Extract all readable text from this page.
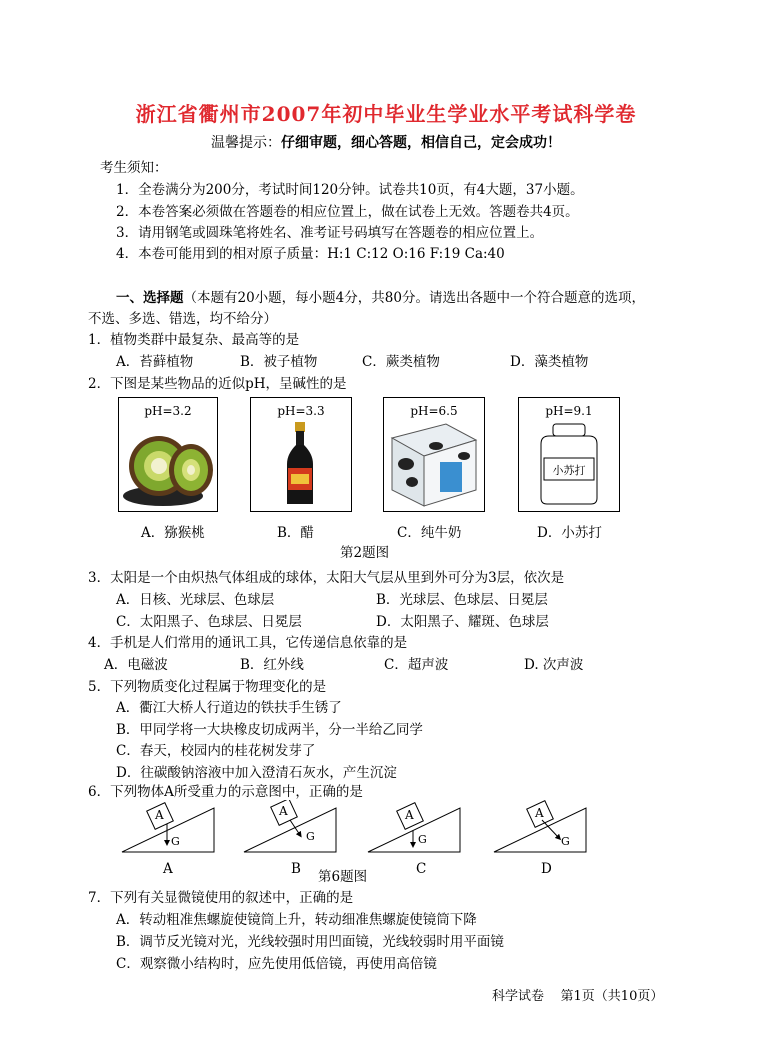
浙江省衢州市2007年初中毕业生学业水平考试科学卷
温馨提示：仔细审题，细心答题，相信自己，定会成功！
考生须知：
1．全卷满分为200分，考试时间120分钟。试卷共10页，有4大题，37小题。
2．本卷答案必须做在答题卷的相应位置上，做在试卷上无效。答题卷共4页。
3．请用钢笔或圆珠笔将姓名、准考证号码填写在答题卷的相应位置上。
4．本卷可能用到的相对原子质量：H:1 C:12 O:16 F:19 Ca:40
一、选择题（本题有20小题，每小题4分，共80分。请选出各题中一个符合题意的选项，
不选、多选、错选，均不给分）
1．植物类群中最复杂、最高等的是
A．苔藓植物	B．被子植物	C．蕨类植物	D．藻类植物
2．下图是某些物品的近似pH，呈碱性的是
pH=3.2	pH=3.3	pH=6.5	pH=9.1
小苏打
A．猕猴桃	B．醋	C．纯牛奶	D．小苏打
第2题图
3．太阳是一个由炽热气体组成的球体，太阳大气层从里到外可分为3层，依次是
A．日核、光球层、色球层	B．光球层、色球层、日冕层
C．太阳黑子、色球层、日冕层	D．太阳黑子、耀斑、色球层
4．手机是人们常用的通讯工具，它传递信息依靠的是
A．电磁波	B．红外线	C．超声波	D. 次声波
5．下列物质变化过程属于物理变化的是
A．衢江大桥人行道边的铁扶手生锈了
B．甲同学将一大块橡皮切成两半，分一半给乙同学
C．春天，校园内的桂花树发芽了
D．往碳酸钠溶液中加入澄清石灰水，产生沉淀
6．下列物体A所受重力的示意图中，正确的是
A
G
A
G
A
G
A
G
A	B	C	D
第6题图
7．下列有关显微镜使用的叙述中，正确的是
A．转动粗准焦螺旋使镜筒上升，转动细准焦螺旋使镜筒下降
B．调节反光镜对光，光线较强时用凹面镜，光线较弱时用平面镜
C．观察微小结构时，应先使用低倍镜，再使用高倍镜
科学试卷    第1页（共10页）
